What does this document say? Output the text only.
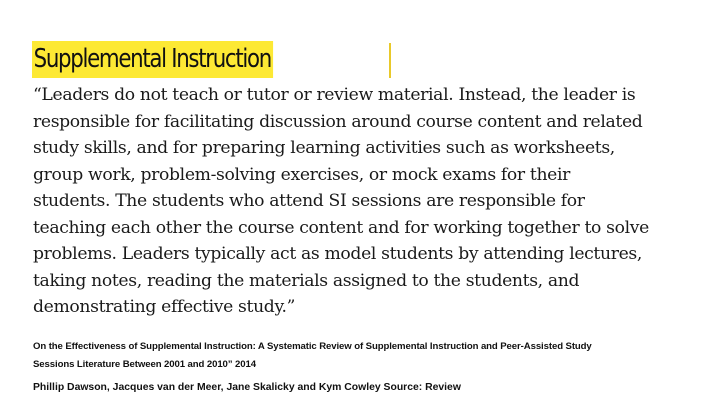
Supplemental Instruction

“Leaders do not teach or tutor or review material. Instead, the leader is
responsible for facilitating discussion around course content and related
study skills, and for preparing learning activities such as worksheets,
group work, problem-solving exercises, or mock exams for their
students. The students who attend SI sessions are responsible for
teaching each other the course content and for working together to solve
problems. Leaders typically act as model students by attending lectures,
taking notes, reading the materials assigned to the students, and
demonstrating effective study.”

On the Effectiveness of Supplemental Instruction: A Systematic Review of Supplemental Instruction and Peer-Assisted Study
Sessions Literature Between 2001 and 2010” 2014

Phillip Dawson, Jacques van der Meer, Jane Skalicky and Kym Cowley Source: Review
